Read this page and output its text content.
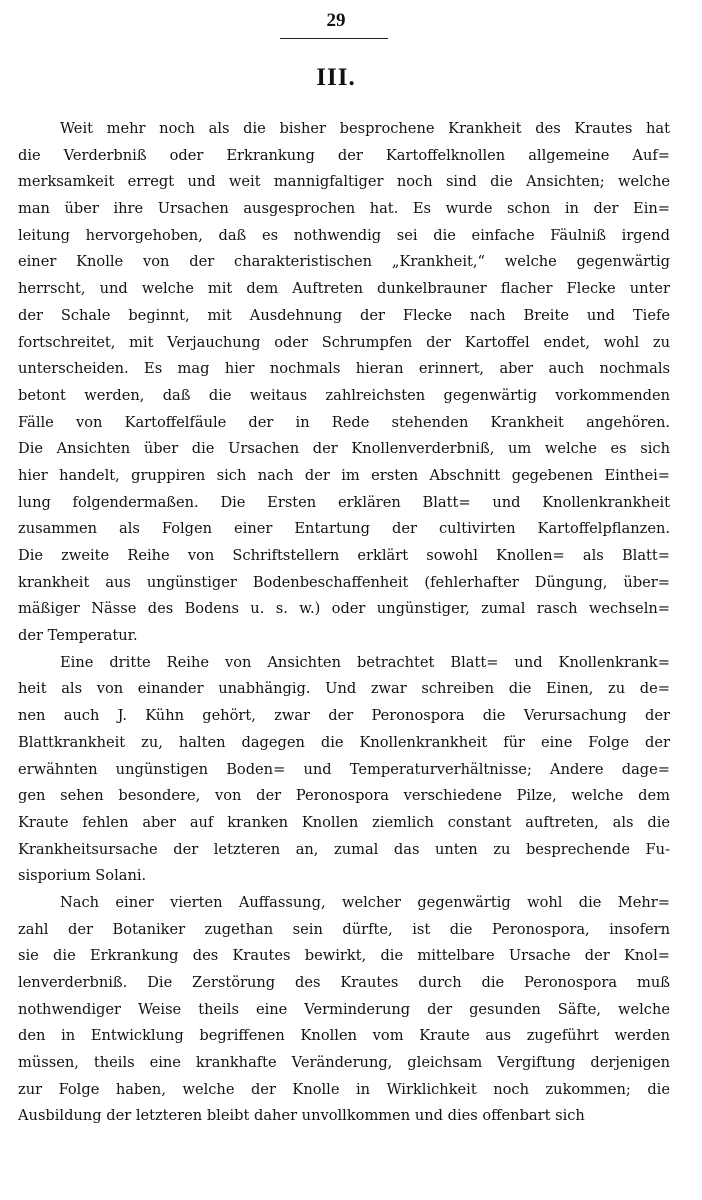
29
III.
Weit mehr noch als die bisher besprochene Krankheit des Krautes hat
die Verderbniß oder Erkrankung der Kartoffelknollen allgemeine Auf=
merksamkeit erregt und weit mannigfaltiger noch sind die Ansichten; welche
man über ihre Ursachen ausgesprochen hat. Es wurde schon in der Ein=
leitung hervorgehoben, daß es nothwendig sei die einfache Fäulniß irgend
einer Knolle von der charakteristischen „Krankheit,“ welche gegenwärtig
herrscht, und welche mit dem Auftreten dunkelbrauner flacher Flecke unter
der Schale beginnt, mit Ausdehnung der Flecke nach Breite und Tiefe
fortschreitet, mit Verjauchung oder Schrumpfen der Kartoffel endet, wohl zu
unterscheiden. Es mag hier nochmals hieran erinnert, aber auch nochmals
betont werden, daß die weitaus zahlreichsten gegenwärtig vorkommenden
Fälle von Kartoffelfäule der in Rede stehenden Krankheit angehören.
Die Ansichten über die Ursachen der Knollenverderbniß, um welche es sich
hier handelt, gruppiren sich nach der im ersten Abschnitt gegebenen Einthei=
lung folgendermaßen. Die Ersten erklären Blatt= und Knollenkrankheit
zusammen als Folgen einer Entartung der cultivirten Kartoffelpflanzen.
Die zweite Reihe von Schriftstellern erklärt sowohl Knollen= als Blatt=
krankheit aus ungünstiger Bodenbeschaffenheit (fehlerhafter Düngung, über=
mäßiger Nässe des Bodens u. s. w.) oder ungünstiger, zumal rasch wechseln=
der Temperatur.
Eine dritte Reihe von Ansichten betrachtet Blatt= und Knollenkrank=
heit als von einander unabhängig. Und zwar schreiben die Einen, zu de=
nen auch J. Kühn gehört, zwar der Peronospora die Verursachung der
Blattkrankheit zu, halten dagegen die Knollenkrankheit für eine Folge der
erwähnten ungünstigen Boden= und Temperaturverhältnisse; Andere dage=
gen sehen besondere, von der Peronospora verschiedene Pilze, welche dem
Kraute fehlen aber auf kranken Knollen ziemlich constant auftreten, als die
Krankheitsursache der letzteren an, zumal das unten zu besprechende Fu-
sisporium Solani.
Nach einer vierten Auffassung, welcher gegenwärtig wohl die Mehr=
zahl der Botaniker zugethan sein dürfte, ist die Peronospora, insofern
sie die Erkrankung des Krautes bewirkt, die mittelbare Ursache der Knol=
lenverderbniß. Die Zerstörung des Krautes durch die Peronospora muß
nothwendiger Weise theils eine Verminderung der gesunden Säfte, welche
den in Entwicklung begriffenen Knollen vom Kraute aus zugeführt werden
müssen, theils eine krankhafte Veränderung, gleichsam Vergiftung derjenigen
zur Folge haben, welche der Knolle in Wirklichkeit noch zukommen; die
Ausbildung der letzteren bleibt daher unvollkommen und dies offenbart sich
